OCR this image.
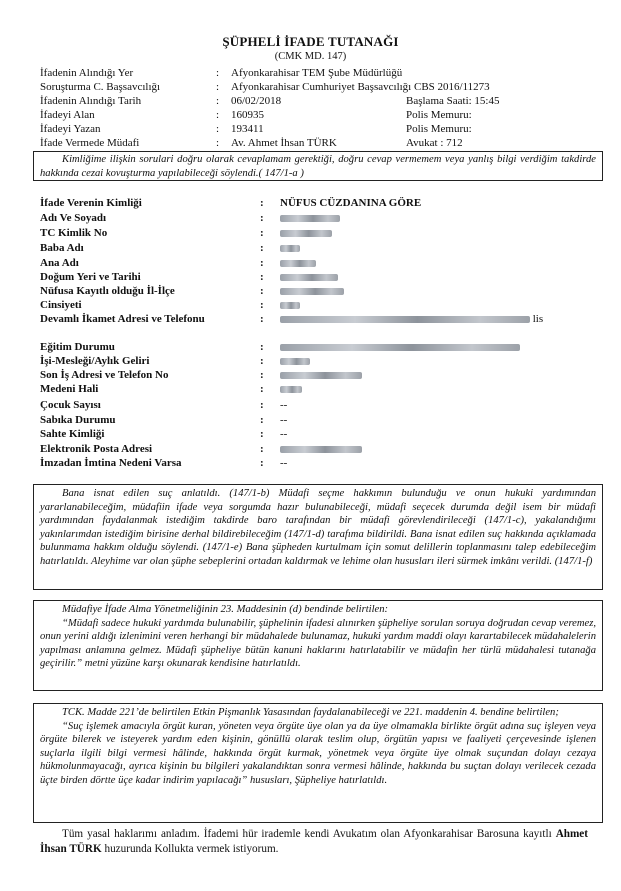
ŞÜPHELİ İFADE TUTANAĞI
(CMK MD. 147)
İfadenin Alındığı Yer	: Afyonkarahisar TEM Şube Müdürlüğü
Soruşturma C. Başsavcılığı	: Afyonkarahisar Cumhuriyet Başsavcılığı CBS 2016/11273
İfadenin Alındığı Tarih	: 06/02/2018	Başlama Saati: 15:45
İfadeyi Alan	: 160935	Polis Memuru:
İfadeyi Yazan	: 193411	Polis Memuru:
İfade Vermede Müdafi	: Av. Ahmet İhsan TÜRK	Avukat : 712

Kimliğime ilişkin sorulari doğru olarak cevaplamam gerektiği, doğru cevap vermemem veya yanlış bilgi verdiğim takdirde hakkında cezai kovuşturma yapılabileceği söylendi.( 147/1-a )

İfade Verenin Kimliği	: NÜFUS CÜZDANINA GÖRE
Adı Ve Soyadı	:
TC Kimlik No	:
Baba Adı	:
Ana Adı	:
Doğum Yeri ve Tarihi	:
Nüfusa Kayıtlı olduğu İl-İlçe	:
Cinsiyeti	:
Devamlı İkamet Adresi ve Telefonu	:	lis
Eğitim Durumu	:
İşi-Mesleği/Aylık Geliri	:
Son İş Adresi ve Telefon No	:
Medeni Hali	:
Çocuk Sayısı	: --
Sabıka Durumu	: --
Sahte Kimliği	: --
Elektronik Posta Adresi	:
İmzadan İmtina Nedeni Varsa	: --

Bana isnat edilen suç anlatıldı. (147/1-b) Müdafi seçme hakkımın bulunduğu ve onun hukuki yardımından yararlanabileceğim, müdafiin ifade veya sorgumda hazır bulunabileceği, müdafi seçecek durumda değil isem bir müdafi yardımından faydalanmak istediğim takdirde baro tarafından bir müdafi görevlendirileceği (147/1-c), yakalandığımı yakınlarımdan istediğim birisine derhal bildirebileceğim (147/1-d) tarafıma bildirildi. Bana isnat edilen suç hakkında açıklamada bulunmama hakkım olduğu söylendi. (147/1-e) Bana şüpheden kurtulmam için somut delillerin toplanmasını talep edebileceğim hatırlatıldı. Aleyhime var olan şüphe sebeplerini ortadan kaldırmak ve lehime olan hususları ileri sürmek imkânı verildi. (147/1-f)

Müdafiye İfade Alma Yönetmeliğinin 23. Maddesinin (d) bendinde belirtilen:

“Müdafi sadece hukuki yardımda bulunabilir, şüphelinin ifadesi alınırken şüpheliye sorulan soruya doğrudan cevap veremez, onun yerini aldığı izlenimini veren herhangi bir müdahalede bulunamaz, hukuki yardım maddi olayı karartabilecek müdahalelerin yapılması anlamına gelmez. Müdafi şüpheliye bütün kanuni haklarını hatırlatabilir ve müdafin her türlü müdahalesi tutanağa geçirilir.” metni yüzüne karşı okunarak kendisine hatırlatıldı.

TCK. Madde 221’de belirtilen Etkin Pişmanlık Yasasından faydalanabileceği ve 221. maddenin 4. bendine belirtilen;

“Suç işlemek amacıyla örgüt kuran, yöneten veya örgüte üye olan ya da üye olmamakla birlikte örgüt adına suç işleyen veya örgüte bilerek ve isteyerek yardım eden kişinin, gönüllü olarak teslim olup, örgütün yapısı ve faaliyeti çerçevesinde işlenen suçlarla ilgili bilgi vermesi hâlinde, hakkında örgüt kurmak, yönetmek veya örgüte üye olmak suçundan dolayı cezaya hükmolunmayacağı, ayrıca kişinin bu bilgileri yakalandıktan sonra vermesi hâlinde, hakkında bu suçtan dolayı verilecek cezada üçte birden dörtte üçe kadar indirim yapılacağı” hususları, Şüpheliye hatırlatıldı.

Tüm yasal haklarımı anladım. İfademi hür irademle kendi Avukatım olan Afyonkarahisar Barosuna kayıtlı Ahmet İhsan TÜRK huzurunda Kollukta vermek istiyorum.
